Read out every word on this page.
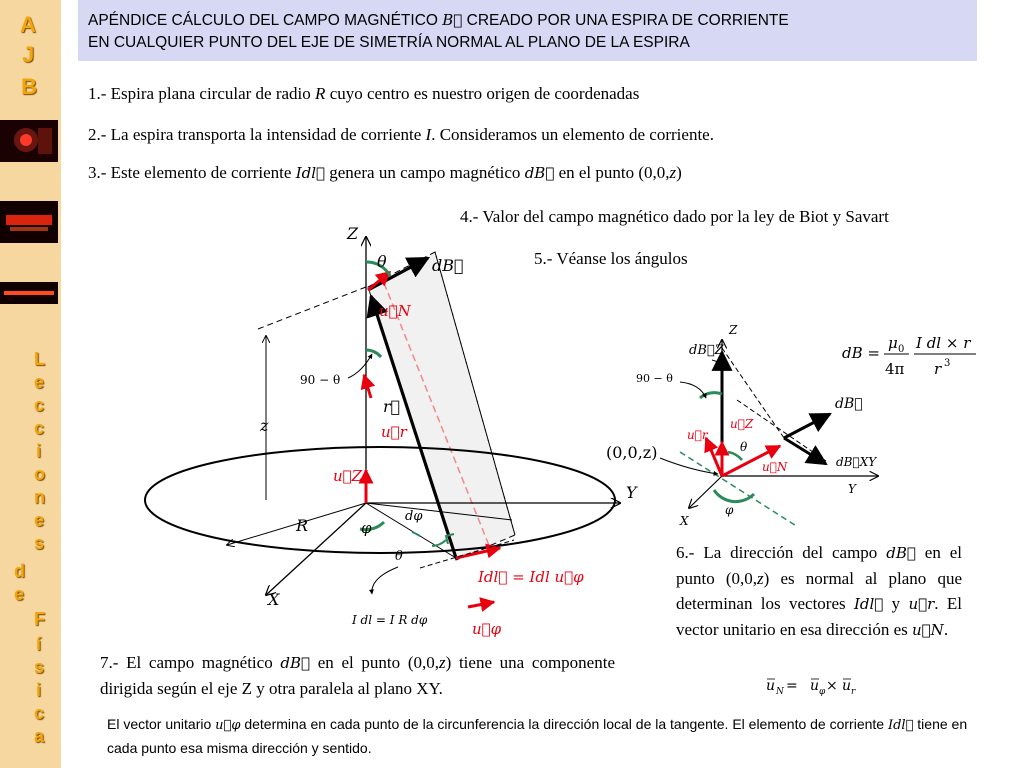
A
J
B
L
e
c
c
i
o
n
e
s
d
e
F
í
s
i
c
a
APÉNDICE CÁLCULO DEL CAMPO MAGNÉTICO B⃗ CREADO POR UNA ESPIRA DE CORRIENTE
EN CUALQUIER PUNTO DEL EJE DE SIMETRÍA NORMAL AL PLANO DE LA ESPIRA
Z
θ	dB⃗
u⃗N
90 − θ
r⃗
u⃗r
z
u⃗Z
Y
R	φ
dφ
θ
Idl⃗ = Idl u⃗φ
X
u⃗φ
I dl = I R dφ
Z
dB⃗Z
90 − θ
u⃗r
u⃗Z
θ
u⃗N
dB⃗
dB⃗XY
Y
X
φ
(0,0,z)
dB =
μ 0
4π
I dl × r
r 3
u N = u φ × u r
1.- Espira plana circular de radio R cuyo centro es nuestro origen de coordenadas
2.- La espira transporta la intensidad de corriente I. Consideramos un elemento de corriente.
3.- Este elemento de corriente Idl⃗ genera un campo magnético dB⃗ en el punto (0,0,z)
4.- Valor del campo magnético dado por la ley de Biot y Savart
5.- Véanse los ángulos
6.- La dirección del campo dB⃗ en el punto (0,0,z) es normal al plano que determinan los vectores Idl⃗ y u⃗r. El vector unitario en esa dirección es u⃗N.
7.- El campo magnético dB⃗ en el punto (0,0,z) tiene una componente dirigida según el eje Z y otra paralela al plano XY.
El vector unitario u⃗φ determina en cada punto de la circunferencia la dirección local de la tangente. El elemento de corriente Idl⃗ tiene en cada punto esa misma dirección y sentido.
